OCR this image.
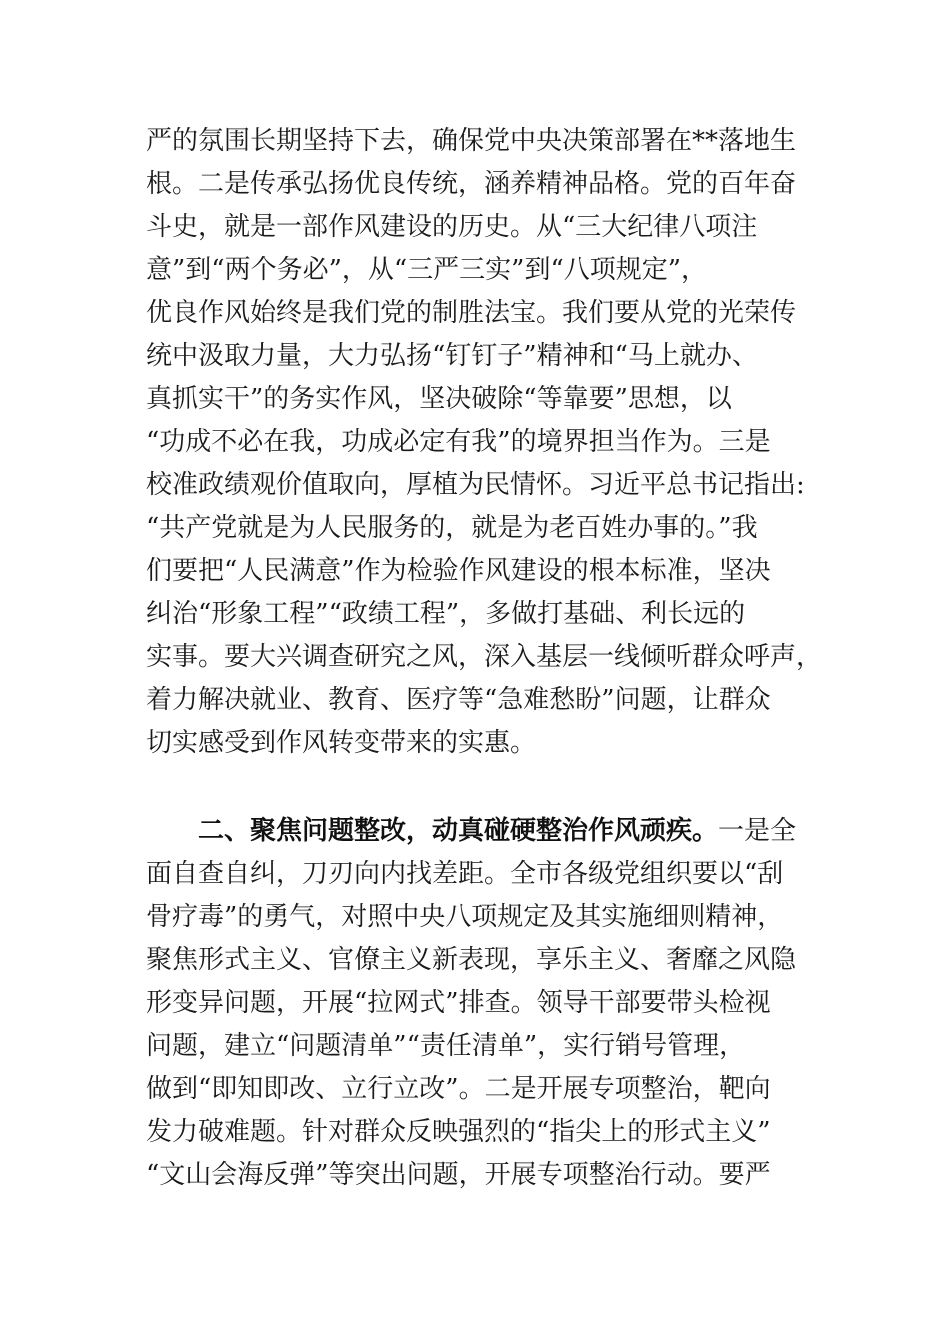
严的氛围长期坚持下去，确保党中央决策部署在**落地生
根。二是传承弘扬优良传统，涵养精神品格。党的百年奋
斗史，就是一部作风建设的历史。从“三大纪律八项注
意”到“两个务必”，从“三严三实”到“八项规定”，
优良作风始终是我们党的制胜法宝。我们要从党的光荣传
统中汲取力量，大力弘扬“钉钉子”精神和“马上就办、
真抓实干”的务实作风，坚决破除“等靠要”思想，以
“功成不必在我，功成必定有我”的境界担当作为。三是
校准政绩观价值取向，厚植为民情怀。习近平总书记指出:
“共产党就是为人民服务的，就是为老百姓办事的。”我
们要把“人民满意”作为检验作风建设的根本标准，坚决
纠治“形象工程”“政绩工程”，多做打基础、利长远的
实事。要大兴调查研究之风，深入基层一线倾听群众呼声，
着力解决就业、教育、医疗等“急难愁盼”问题，让群众
切实感受到作风转变带来的实惠。
二、聚焦问题整改，动真碰硬整治作风顽疾。一是全
面自查自纠，刀刃向内找差距。全市各级党组织要以“刮
骨疗毒”的勇气，对照中央八项规定及其实施细则精神，
聚焦形式主义、官僚主义新表现，享乐主义、奢靡之风隐
形变异问题，开展“拉网式”排查。领导干部要带头检视
问题，建立“问题清单”“责任清单”，实行销号管理，
做到“即知即改、立行立改”。二是开展专项整治，靶向
发力破难题。针对群众反映强烈的“指尖上的形式主义”
“文山会海反弹”等突出问题，开展专项整治行动。要严
